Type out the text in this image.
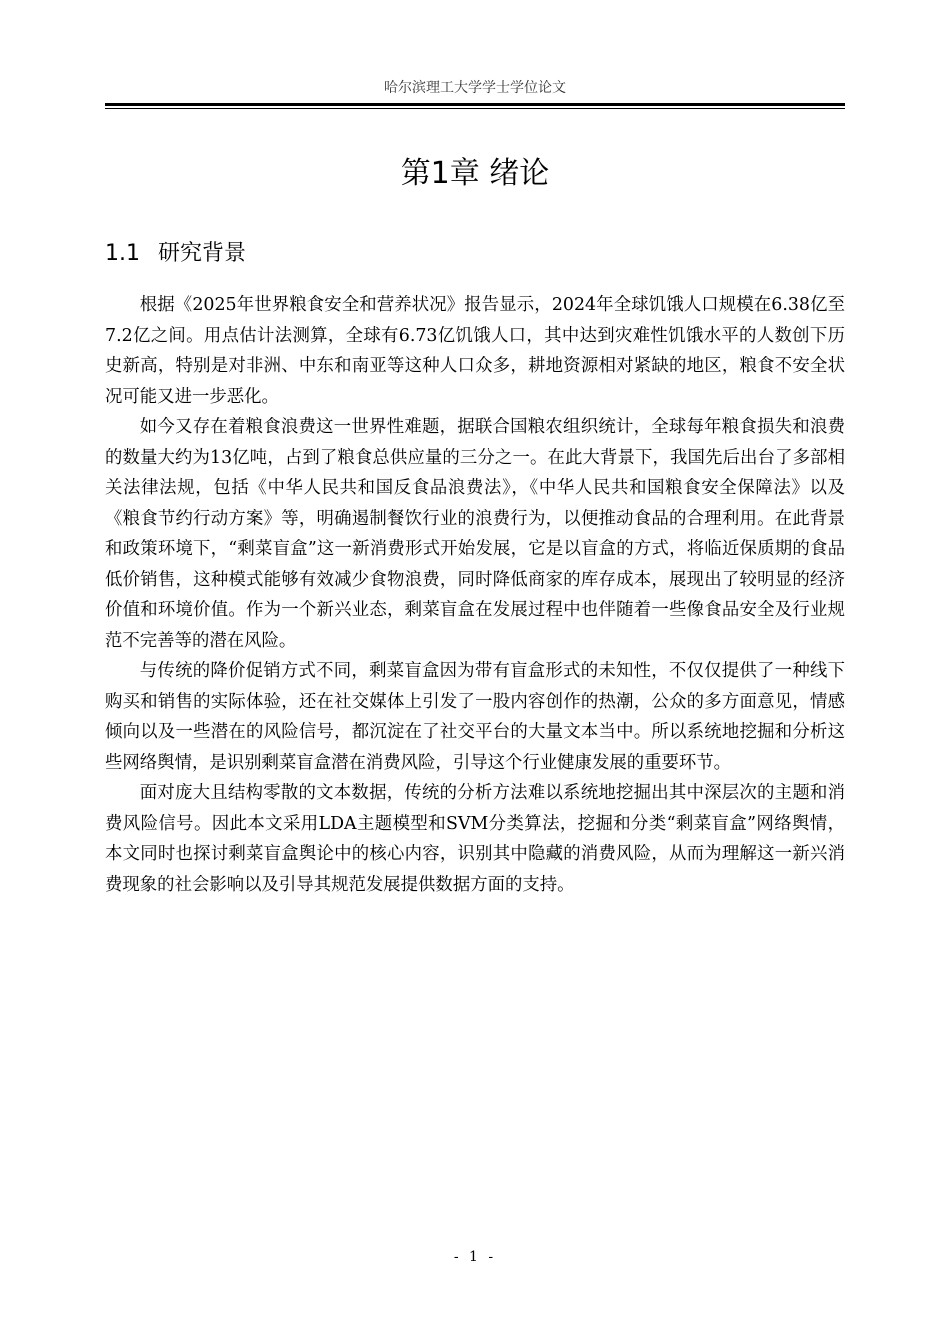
哈尔滨理工大学学士学位论文
第1章 绪论
1.1 研究背景

根据《2025年世界粮食安全和营养状况》报告显示，2024年全球饥饿人口规模在6.38亿至7.2亿之间。用点估计法测算，全球有6.73亿饥饿人口，其中达到灾难性饥饿水平的人数创下历史新高，特别是对非洲、中东和南亚等这种人口众多，耕地资源相对紧缺的地区，粮食不安全状况可能又进一步恶化。

如今又存在着粮食浪费这一世界性难题，据联合国粮农组织统计，全球每年粮食损失和浪费的数量大约为13亿吨，占到了粮食总供应量的三分之一。在此大背景下，我国先后出台了多部相关法律法规，包括《中华人民共和国反食品浪费法》，《中华人民共和国粮食安全保障法》以及《粮食节约行动方案》等，明确遏制餐饮行业的浪费行为，以便推动食品的合理利用。在此背景和政策环境下，“剩菜盲盒”这一新消费形式开始发展，它是以盲盒的方式，将临近保质期的食品低价销售，这种模式能够有效减少食物浪费，同时降低商家的库存成本，展现出了较明显的经济价值和环境价值。作为一个新兴业态，剩菜盲盒在发展过程中也伴随着一些像食品安全及行业规范不完善等的潜在风险。

与传统的降价促销方式不同，剩菜盲盒因为带有盲盒形式的未知性，不仅仅提供了一种线下购买和销售的实际体验，还在社交媒体上引发了一股内容创作的热潮，公众的多方面意见，情感倾向以及一些潜在的风险信号，都沉淀在了社交平台的大量文本当中。所以系统地挖掘和分析这些网络舆情，是识别剩菜盲盒潜在消费风险，引导这个行业健康发展的重要环节。

面对庞大且结构零散的文本数据，传统的分析方法难以系统地挖掘出其中深层次的主题和消费风险信号。因此本文采用LDA主题模型和SVM分类算法，挖掘和分类“剩菜盲盒”网络舆情，本文同时也探讨剩菜盲盒舆论中的核心内容，识别其中隐藏的消费风险，从而为理解这一新兴消费现象的社会影响以及引导其规范发展提供数据方面的支持。

- 1 -
